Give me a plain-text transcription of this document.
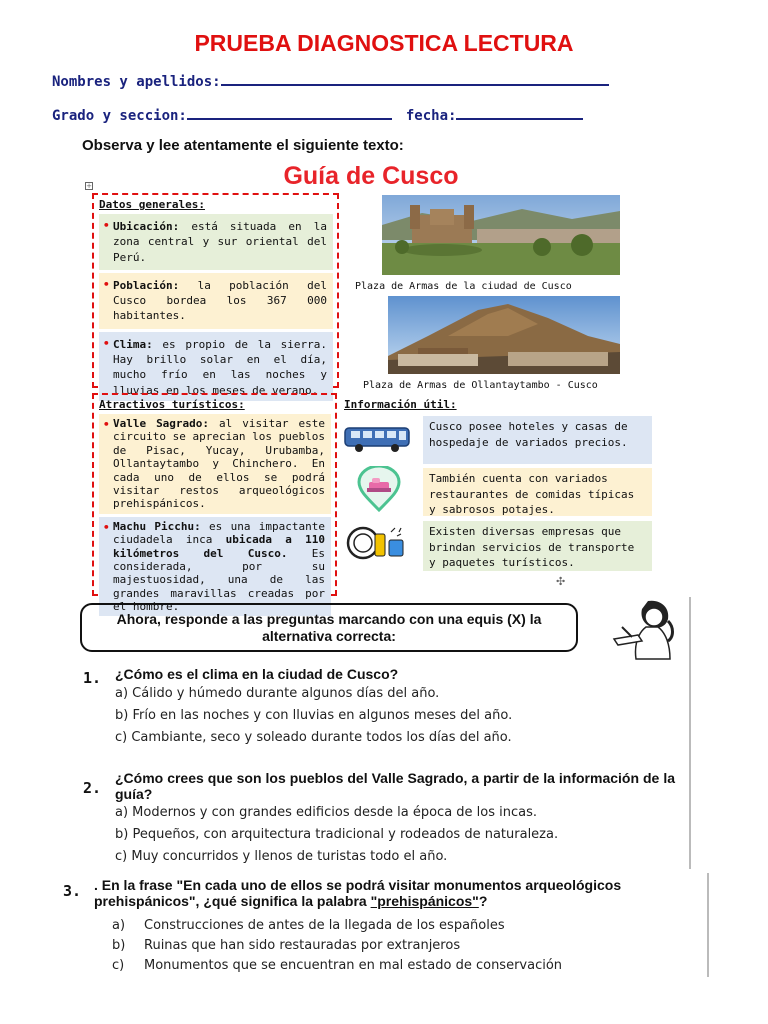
PRUEBA DIAGNOSTICA LECTURA
Nombres y apellidos:
Grado y seccion:	fecha:
Observa y lee atentamente el siguiente texto:
+	Guía de Cusco
Datos generales:
• Ubicación: está situada en la zona central y sur oriental del Perú.
• Población: la población del Cusco bordea los 367 000 habitantes.
• Clima: es propio de la sierra. Hay brillo solar en el día, mucho frío en las noches y lluvias en los meses de verano.
Plaza de Armas de la ciudad de Cusco
Plaza de Armas de Ollantaytambo - Cusco
Atractivos turísticos:
• Valle Sagrado: al visitar este circuito se aprecian los pueblos de Pisac, Yucay, Urubamba, Ollantaytambo y Chinchero. En cada uno de ellos se podrá visitar restos arqueológicos prehispánicos.
• Machu Picchu: es una impactante ciudadela inca ubicada a 110 kilómetros del Cusco. Es considerada, por su majestuosidad, una de las grandes maravillas creadas por el hombre.
Información útil:
Cusco posee hoteles y casas de hospedaje de variados precios.
También cuenta con variados restaurantes de comidas típicas y sabrosos potajes.
Existen diversas empresas que brindan servicios de transporte y paquetes turísticos.
✣
Ahora, responde a las preguntas marcando con una equis (X) la alternativa correcta:
1. ¿Cómo es el clima en la ciudad de Cusco?
a) Cálido y húmedo durante algunos días del año.
b) Frío en las noches y con lluvias en algunos meses del año.
c) Cambiante, seco y soleado durante todos los días del año.
2.
¿Cómo crees que son los pueblos del Valle Sagrado, a partir de la información de la guía?
a) Modernos y con grandes edificios desde la época de los incas.
b) Pequeños, con arquitectura tradicional y rodeados de naturaleza.
c) Muy concurridos y llenos de turistas todo el año.
3. . En la frase "En cada uno de ellos se podrá visitar monumentos arqueológicos prehispánicos", ¿qué significa la palabra "prehispánicos"?
a) Construcciones de antes de la llegada de los españoles
b) Ruinas que han sido restauradas por extranjeros
c) Monumentos que se encuentran en mal estado de conservación
